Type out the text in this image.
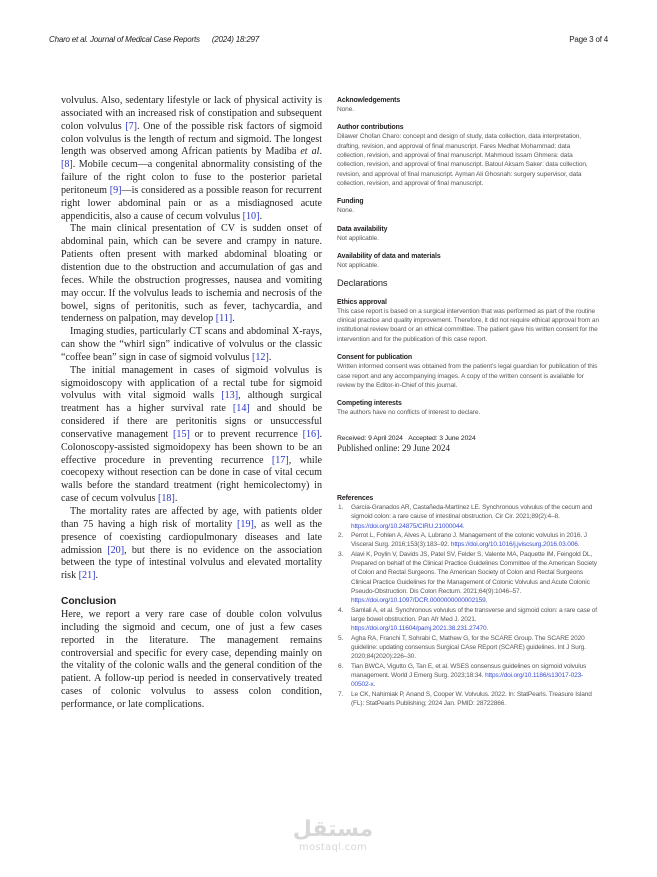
Charo et al. Journal of Medical Case Reports (2024) 18:297	Page 3 of 4

volvulus. Also, sedentary lifestyle or lack of physical activity is associated with an increased risk of constipation and subsequent colon volvulus [7]. One of the possible risk factors of sigmoid colon volvulus is the length of rectum and sigmoid. The longest length was observed among African patients by Madiba et al. [8]. Mobile cecum—a congenital abnormality consisting of the failure of the right colon to fuse to the posterior parietal peritoneum [9]—is considered as a possible reason for recurrent right lower abdominal pain or as a misdiagnosed acute appendicitis, also a cause of cecum volvulus [10].

The main clinical presentation of CV is sudden onset of abdominal pain, which can be severe and crampy in nature. Patients often present with marked abdominal bloating or distention due to the obstruction and accumulation of gas and feces. While the obstruction progresses, nausea and vomiting may occur. If the volvulus leads to ischemia and necrosis of the bowel, signs of peritonitis, such as fever, tachycardia, and tenderness on palpation, may develop [11].

Imaging studies, particularly CT scans and abdominal X-rays, can show the “whirl sign” indicative of volvulus or the classic “coffee bean” sign in case of sigmoid volvulus [12].

The initial management in cases of sigmoid volvulus is sigmoidoscopy with application of a rectal tube for sigmoid volvulus with vital sigmoid walls [13], although surgical treatment has a higher survival rate [14] and should be considered if there are peritonitis signs or unsuccessful conservative management [15] or to prevent recurrence [16]. Colonoscopy-assisted sigmoidopexy has been shown to be an effective procedure in preventing recurrence [17], while coecopexy without resection can be done in case of vital cecum walls before the standard treatment (right hemicolectomy) in case of cecum volvulus [18].

The mortality rates are affected by age, with patients older than 75 having a high risk of mortality [19], as well as the presence of coexisting cardiopulmonary diseases and late admission [20], but there is no evidence on the association between the type of intestinal volvulus and elevated mortality risk [21].

Conclusion

Here, we report a very rare case of double colon volvulus including the sigmoid and cecum, one of just a few cases reported in the literature. The management remains controversial and specific for every case, depending mainly on the vitality of the colonic walls and the general condition of the patient. A follow-up period is needed in conservatively treated cases of colonic volvulus to assess colon condition, performance, or late complications.

Acknowledgements
None.
Author contributions
Dilawer Chofan Charo: concept and design of study, data collection, data interpretation, drafting, revision, and approval of final manuscript. Fares Medhat Mohammad: data collection, revision, and approval of final manuscript. Mahmoud Issam Ghmera: data collection, revision, and approval of final manuscript. Batoul Aksam Saker: data collection, revision, and approval of final manuscript. Ayman Ali Ghosnah: surgery supervisor, data collection, revision, and approval of final manuscript.
Funding
None.
Data availability
Not applicable.
Availability of data and materials
Not applicable.
Declarations
Ethics approval
This case report is based on a surgical intervention that was performed as part of the routine clinical practice and quality improvement. Therefore, it did not require ethical approval from an institutional review board or an ethical committee. The patient gave his written consent for the intervention and for the publication of this case report.
Consent for publication
Written informed consent was obtained from the patient’s legal guardian for publication of this case report and any accompanying images. A copy of the written consent is available for review by the Editor-in-Chief of this journal.
Competing interests
The authors have no conflicts of interest to declare.
Received: 9 April 2024 Accepted: 3 June 2024
Published online: 29 June 2024
References
1. García-Granados AR, Castañeda-Martínez LE. Synchronous volvulus of the cecum and sigmoid colon: a rare cause of intestinal obstruction. Cir Cir. 2021;89(2):4–8. https://doi.org/10.24875/CIRU.21000044.
2. Perrot L, Fohlen A, Alves A, Lubrano J. Management of the colonic volvulus in 2016. J Visceral Surg. 2016;153(3):183–92. https://doi.org/10.1016/j.jviscsurg.2016.03.006.
3. Alavi K, Poylin V, Davids JS, Patel SV, Felder S, Valente MA, Paquette IM, Feingold DL, Prepared on behalf of the Clinical Practice Guidelines Committee of the American Society of Colon and Rectal Surgeons. The American Society of Colon and Rectal Surgeons Clinical Practice Guidelines for the Management of Colonic Volvulus and Acute Colonic Pseudo-Obstruction. Dis Colon Rectum. 2021;64(9):1046–57. https://doi.org/10.1097/DCR.0000000000002159.
4. Samlali A, et al. Synchronous volvulus of the transverse and sigmoid colon: a rare case of large bowel obstruction. Pan Afr Med J. 2021. https://doi.org/10.11604/pamj.2021.38.231.27470.
5. Agha RA, Franchi T, Sohrabi C, Mathew G, for the SCARE Group. The SCARE 2020 guideline: updating consensus Surgical CAse REport (SCARE) guidelines. Int J Surg. 2020;84(2020):226–30.
6. Tian BWCA, Vigutto G, Tan E, et al. WSES consensus guidelines on sigmoid volvulus management. World J Emerg Surg. 2023;18:34. https://doi.org/10.1186/s13017-023-00502-x.
7. Le CK, Nahimiak P, Anand S, Cooper W. Volvulus. 2022. In: StatPearls. Treasure Island (FL): StatPearls Publishing; 2024 Jan. PMID: 28722866.
مستقل
mostaql.com
